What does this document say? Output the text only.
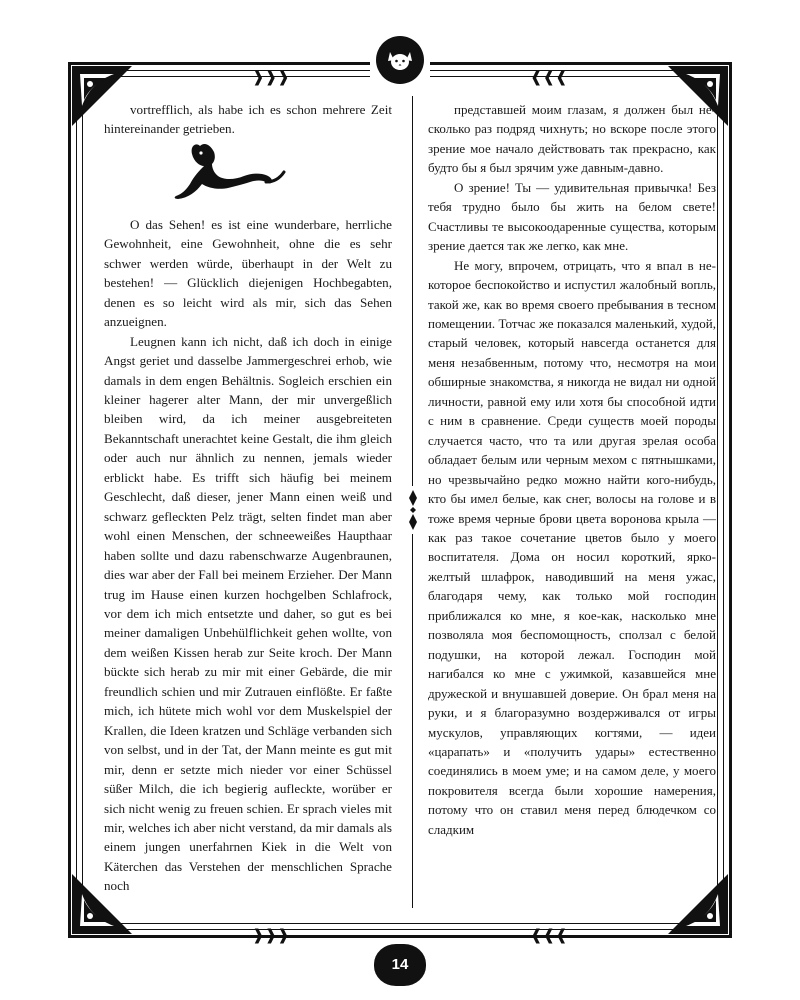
❱❱❱	❰❰❰

vortrefflich, als habe ich es schon mehrere Zeit hintereinander getrieben.

O das Sehen! es ist eine wunderbare, herrliche Gewohnheit, eine Gewohnheit, ohne die es sehr schwer werden würde, überhaupt in der Welt zu bestehen! — Glücklich diejenigen Hochbegabten, denen es so leicht wird als mir, sich das Sehen anzueignen.

Leugnen kann ich nicht, daß ich doch in einige Angst geriet und dasselbe Jammergeschrei erhob, wie damals in dem engen Behältnis. Sogleich erschien ein kleiner hagerer alter Mann, der mir unvergeßlich bleiben wird, da ich meiner ausgebreiteten Bekanntschaft unerachtet keine Gestalt, die ihm gleich oder auch nur ähnlich zu nennen, jemals wieder erblickt habe. Es trifft sich häufig bei meinem Geschlecht, daß dieser, jener Mann einen weiß und schwarz gefleckten Pelz trägt, selten findet man aber wohl einen Menschen, der schneeweißes Haupthaar haben sollte und dazu rabenschwarze Augenbraunen, dies war aber der Fall bei meinem Erzieher. Der Mann trug im Hause einen kurzen hochgelben Schlafrock, vor dem ich mich entsetzte und daher, so gut es bei meiner damaligen Unbehülflichkeit gehen wollte, von dem weißen Kissen herab zur Seite kroch. Der Mann bückte sich herab zu mir mit einer Gebärde, die mir freundlich schien und mir Zutrauen einflößte. Er faßte mich, ich hütete mich wohl vor dem Muskelspiel der Krallen, die Ideen kratzen und Schläge verbanden sich von selbst, und in der Tat, der Mann meinte es gut mit mir, denn er setzte mich nieder vor einer Schüssel süßer Milch, die ich begierig aufleckte, worüber er sich nicht wenig zu freuen schien. Er sprach vieles mit mir, welches ich aber nicht verstand, da mir damals als einem jungen unerfahrnen Kiek in die Welt von Käterchen das Verstehen der menschlichen Sprache noch

представшей моим глазам, я должен был несколько раз подряд чихнуть; но вскоре после этого зрение мое начало действовать так прекрасно, как будто бы я был зрячим уже давным-давно.

О зрение! Ты — удивительная привычка! Без тебя трудно было бы жить на белом свете! Счастливы те высокоодаренные существа, которым зрение дается так же легко, как мне.

Не могу, впрочем, отрицать, что я впал в некоторое беспокойство и испустил жалобный вопль, такой же, как во время своего пребывания в тесном помещении. Тотчас же показался маленький, худой, старый человек, который навсегда останется для меня незабвенным, потому что, несмотря на мои обширные знакомства, я никогда не видал ни одной личности, равной ему или хотя бы способной идти с ним в сравнение. Среди существ моей породы случается часто, что та или другая зрелая особа обладает белым или черным мехом с пятнышками, но чрезвычайно редко можно найти кого-нибудь, кто бы имел белые, как снег, волосы на голове и в тоже время черные брови цвета воронова крыла — как раз такое сочетание цветов было у моего воспитателя. Дома он носил короткий, ярко-желтый шлафрок, наводивший на меня ужас, благодаря чему, как только мой господин приближался ко мне, я кое-как, насколько мне позволяла моя беспомощность, сползал с белой подушки, на которой лежал. Господин мой нагибался ко мне с ужимкой, казавшейся мне дружеской и внушавшей доверие. Он брал меня на руки, и я благоразумно воздерживался от игры мускулов, управляющих когтями, — идеи «царапать» и «получить удары» естественно соединялись в моем уме; и на самом деле, у моего покровителя всегда были хорошие намерения, потому что он ставил меня перед блюдечком со сладким

❱❱❱	❰❰❰
14
